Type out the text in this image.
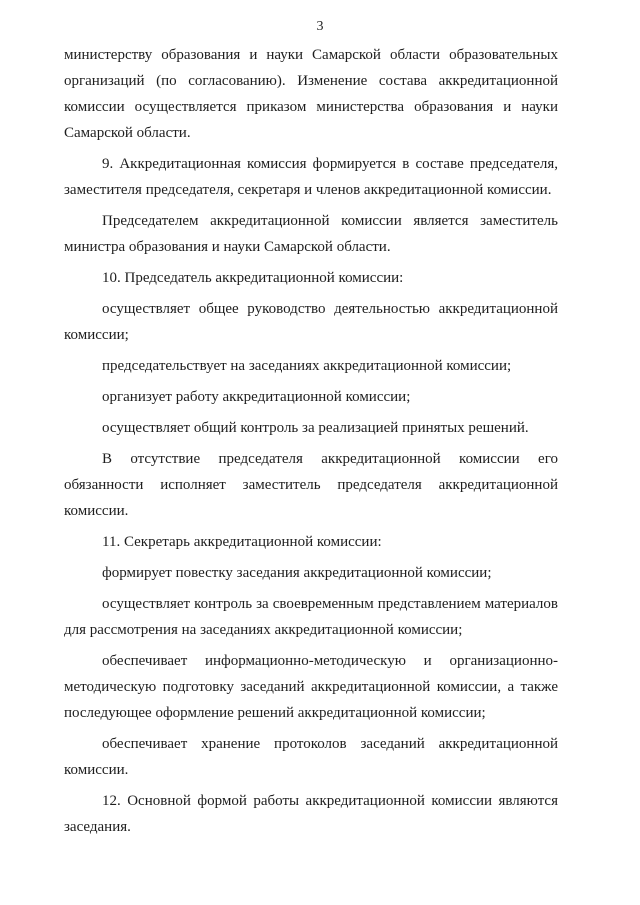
3

министерству образования и науки Самарской области образовательных организаций (по согласованию). Изменение состава аккредитационной комиссии осуществляется приказом министерства образования и науки Самарской области.

9. Аккредитационная комиссия формируется в составе председателя, заместителя председателя, секретаря и членов аккредитационной комиссии.

Председателем аккредитационной комиссии является заместитель министра образования и науки Самарской области.

10. Председатель аккредитационной комиссии:

осуществляет общее руководство деятельностью аккредитационной комиссии;

председательствует на заседаниях аккредитационной комиссии;

организует работу аккредитационной комиссии;

осуществляет общий контроль за реализацией принятых решений.

В отсутствие председателя аккредитационной комиссии его обязанности исполняет заместитель председателя аккредитационной комиссии.

11. Секретарь аккредитационной комиссии:

формирует повестку заседания аккредитационной комиссии;

осуществляет контроль за своевременным представлением материалов для рассмотрения на заседаниях аккредитационной комиссии;

обеспечивает информационно-методическую и организационно-методическую подготовку заседаний аккредитационной комиссии, а также последующее оформление решений аккредитационной комиссии;

обеспечивает хранение протоколов заседаний аккредитационной комиссии.

12. Основной формой работы аккредитационной комиссии являются заседания.
